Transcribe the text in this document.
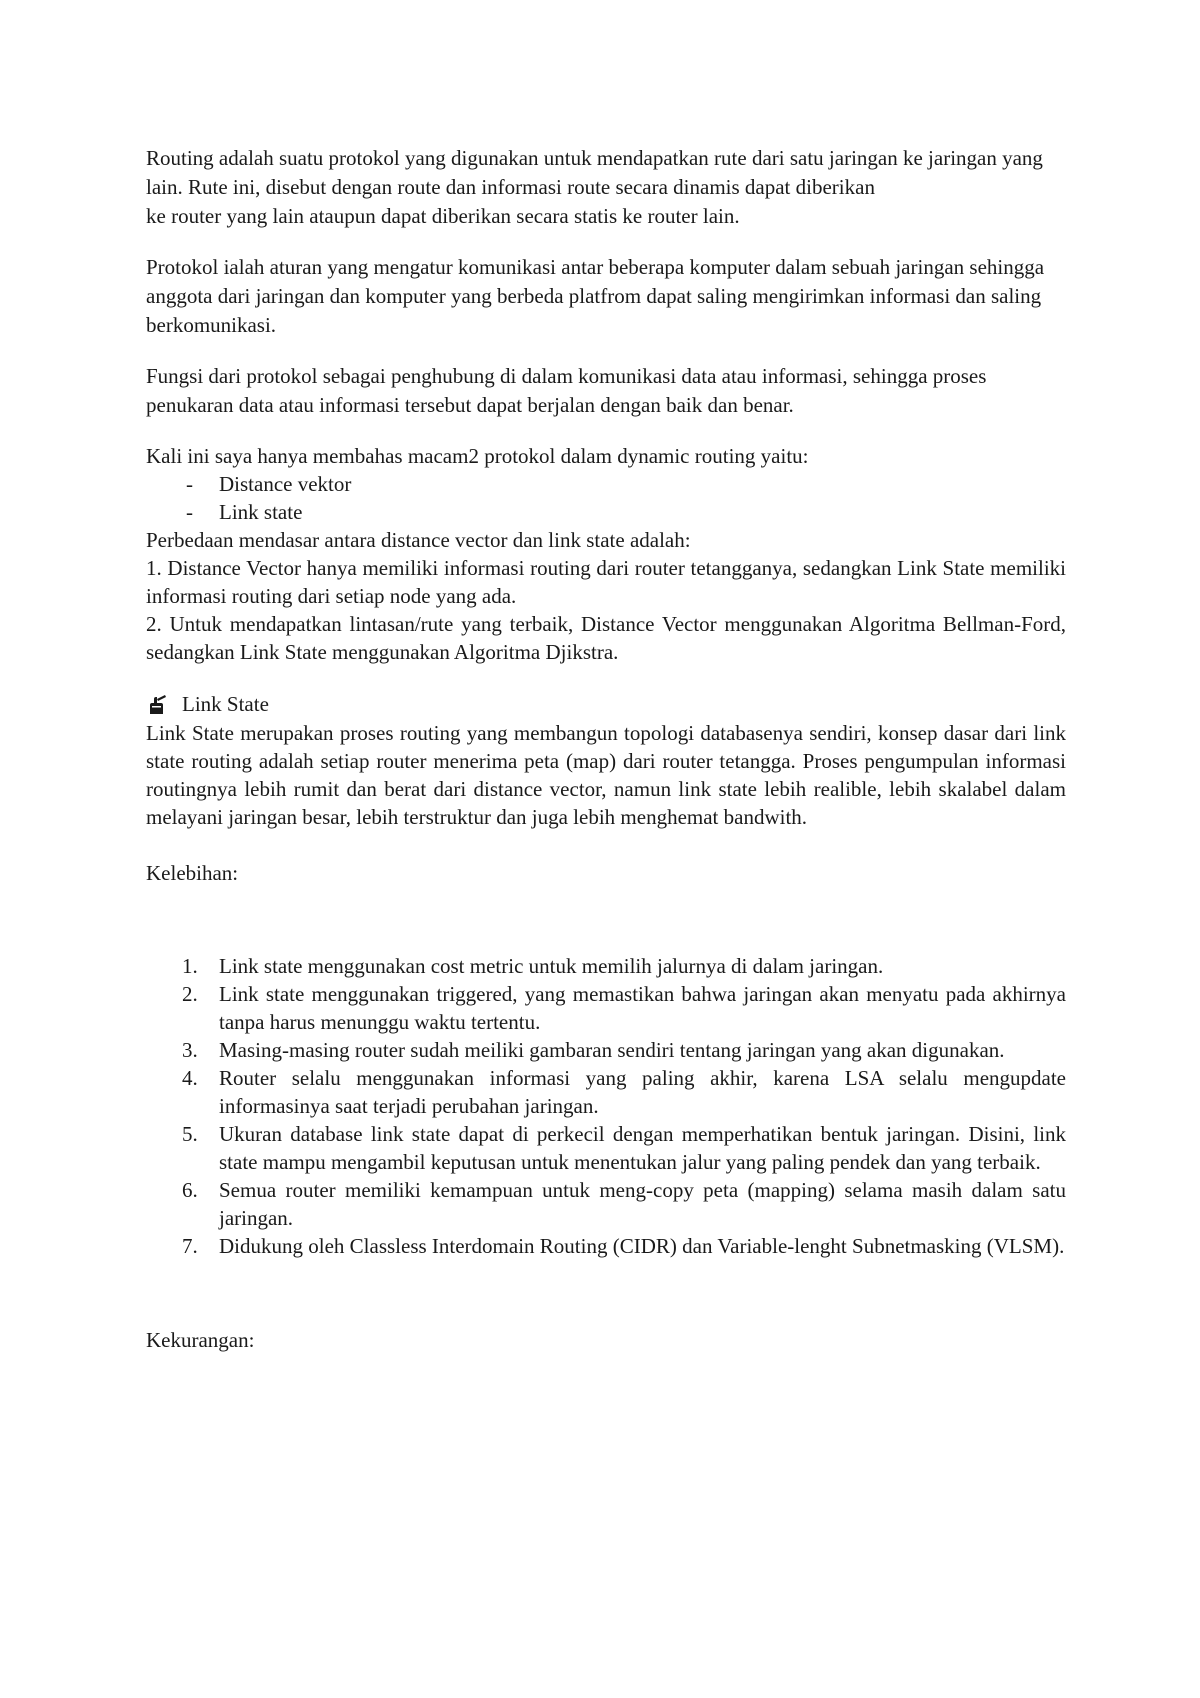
Routing adalah suatu protokol yang digunakan untuk mendapatkan rute dari satu jaringan ke jaringan yang lain. Rute ini, disebut dengan route dan informasi route secara dinamis dapat diberikan

ke router yang lain ataupun dapat diberikan secara statis ke router lain.

Protokol ialah aturan yang mengatur komunikasi antar beberapa komputer dalam sebuah jaringan sehingga anggota dari jaringan dan komputer yang berbeda platfrom dapat saling mengirimkan informasi dan saling berkomunikasi.

Fungsi dari protokol sebagai penghubung di dalam komunikasi data atau informasi, sehingga proses penukaran data atau informasi tersebut dapat berjalan dengan baik dan benar.

Kali ini saya hanya membahas macam2 protokol dalam dynamic routing yaitu:

- Distance vektor
- Link state

Perbedaan mendasar antara distance vector dan link state adalah:

1. Distance Vector hanya memiliki informasi routing dari router tetangganya, sedangkan Link State memiliki informasi routing dari setiap node yang ada.

2. Untuk mendapatkan lintasan/rute yang terbaik, Distance Vector menggunakan Algoritma Bellman-Ford, sedangkan Link State menggunakan Algoritma Djikstra.

Link State

Link State merupakan proses routing yang membangun topologi databasenya sendiri, konsep dasar dari link state routing adalah setiap router menerima peta (map) dari router tetangga. Proses pengumpulan informasi routingnya lebih rumit dan berat dari distance vector, namun link state lebih realible, lebih skalabel dalam melayani jaringan besar, lebih terstruktur dan juga lebih menghemat bandwith.

Kelebihan:

1. Link state menggunakan cost metric untuk memilih jalurnya di dalam jaringan.
2. Link state menggunakan triggered, yang memastikan bahwa jaringan akan menyatu pada akhirnya tanpa harus menunggu waktu tertentu.
3. Masing-masing router sudah meiliki gambaran sendiri tentang jaringan yang akan digunakan.
4. Router selalu menggunakan informasi yang paling akhir, karena LSA selalu mengupdate informasinya saat terjadi perubahan jaringan.
5. Ukuran database link state dapat di perkecil dengan memperhatikan bentuk jaringan. Disini, link state mampu mengambil keputusan untuk menentukan jalur yang paling pendek dan yang terbaik.
6. Semua router memiliki kemampuan untuk meng-copy peta (mapping) selama masih dalam satu jaringan.
7. Didukung oleh Classless Interdomain Routing (CIDR) dan Variable-lenght Subnetmasking (VLSM).

Kekurangan:
